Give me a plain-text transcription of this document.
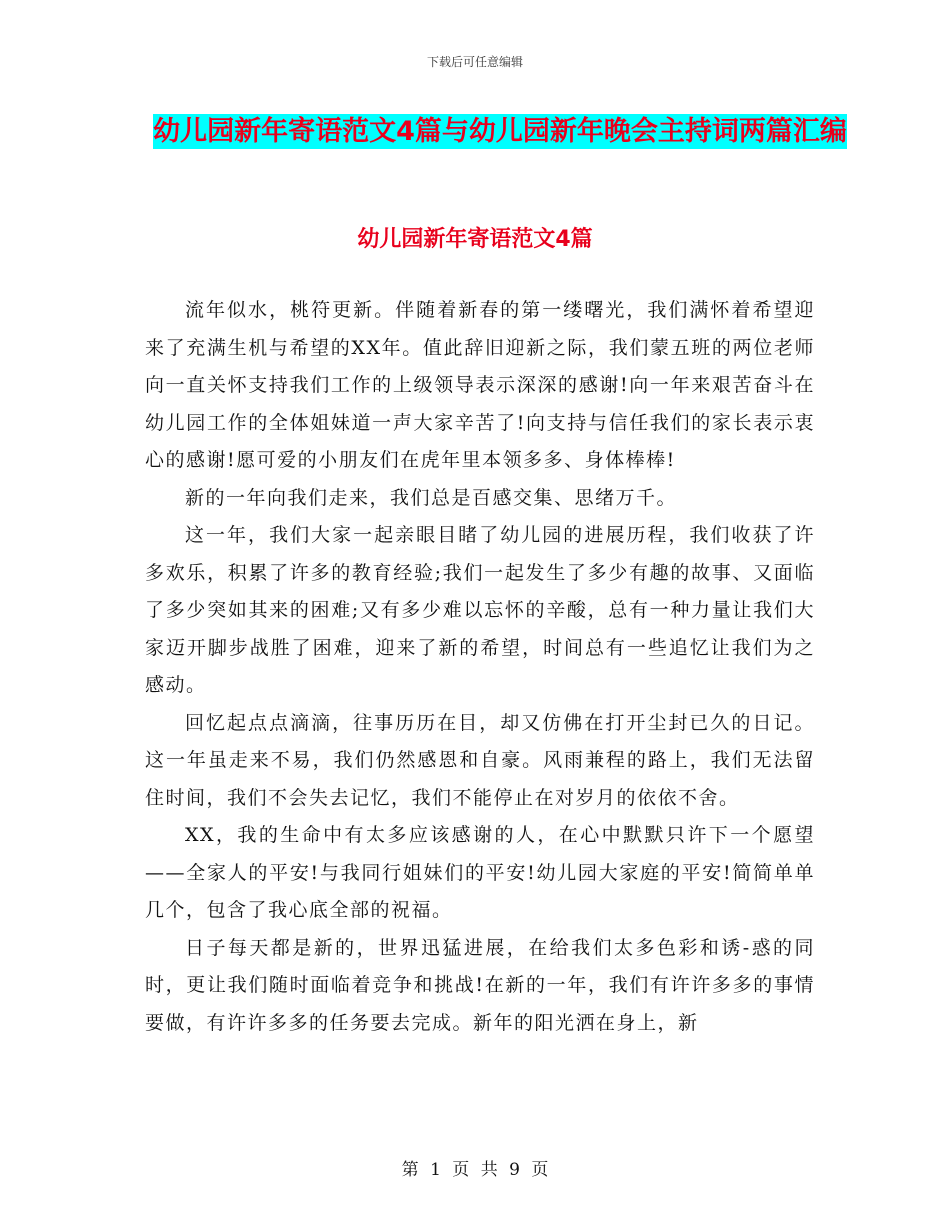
下载后可任意编辑
幼儿园新年寄语范文4篇与幼儿园新年晚会主持词两篇汇编
幼儿园新年寄语范文4篇

流年似水，桃符更新。伴随着新春的第一缕曙光，我们满怀着希望迎来了充满生机与希望的XX年。值此辞旧迎新之际，我们蒙五班的两位老师向一直关怀支持我们工作的上级领导表示深深的感谢!向一年来艰苦奋斗在幼儿园工作的全体姐妹道一声大家辛苦了!向支持与信任我们的家长表示衷心的感谢!愿可爱的小朋友们在虎年里本领多多、身体棒棒!

新的一年向我们走来，我们总是百感交集、思绪万千。

这一年，我们大家一起亲眼目睹了幼儿园的进展历程，我们收获了许多欢乐，积累了许多的教育经验;我们一起发生了多少有趣的故事、又面临了多少突如其来的困难;又有多少难以忘怀的辛酸，总有一种力量让我们大家迈开脚步战胜了困难，迎来了新的希望，时间总有一些追忆让我们为之感动。

回忆起点点滴滴，往事历历在目，却又仿佛在打开尘封已久的日记。这一年虽走来不易，我们仍然感恩和自豪。风雨兼程的路上，我们无法留住时间，我们不会失去记忆，我们不能停止在对岁月的依依不舍。

XX，我的生命中有太多应该感谢的人，在心中默默只许下一个愿望——全家人的平安!与我同行姐妹们的平安!幼儿园大家庭的平安!简简单单几个，包含了我心底全部的祝福。

日子每天都是新的，世界迅猛进展，在给我们太多色彩和诱-惑的同时，更让我们随时面临着竞争和挑战!在新的一年，我们有许许多多的事情要做，有许许多多的任务要去完成。新年的阳光洒在身上，新

第 1 页 共 9 页
